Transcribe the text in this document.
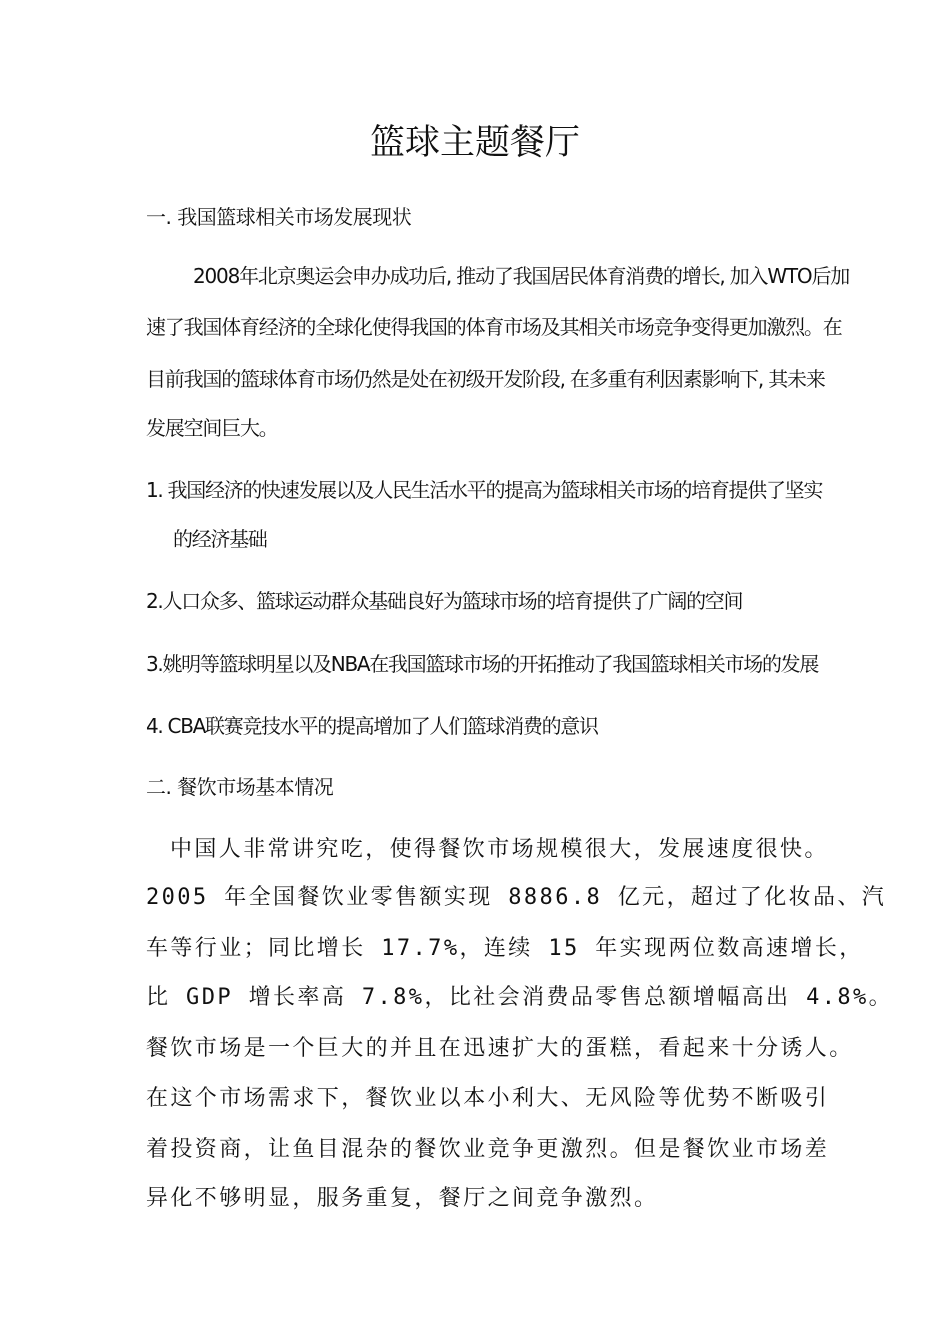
篮球主题餐厅
一. 我国篮球相关市场发展现状
2008年北京奥运会申办成功后, 推动了我国居民体育消费的增长, 加入WTO后加
速了我国体育经济的全球化使得我国的体育市场及其相关市场竞争变得更加激烈。在
目前我国的篮球体育市场仍然是处在初级开发阶段, 在多重有利因素影响下, 其未来
发展空间巨大。
1. 我国经济的快速发展以及人民生活水平的提高为篮球相关市场的培育提供了坚实
的经济基础
2.人口众多、篮球运动群众基础良好为篮球市场的培育提供了广阔的空间
3.姚明等篮球明星以及NBA在我国篮球市场的开拓推动了我国篮球相关市场的发展
4. CBA联赛竞技水平的提高增加了人们篮球消费的意识
二. 餐饮市场基本情况
中国人非常讲究吃，使得餐饮市场规模很大，发展速度很快。
2005 年全国餐饮业零售额实现 8886.8 亿元，超过了化妆品、汽
车等行业；同比增长 17.7%，连续 15 年实现两位数高速增长，
比 GDP 增长率高 7.8%，比社会消费品零售总额增幅高出 4.8%。
餐饮市场是一个巨大的并且在迅速扩大的蛋糕，看起来十分诱人。
在这个市场需求下，餐饮业以本小利大、无风险等优势不断吸引
着投资商，让鱼目混杂的餐饮业竞争更激烈。但是餐饮业市场差
异化不够明显，服务重复，餐厅之间竞争激烈。
